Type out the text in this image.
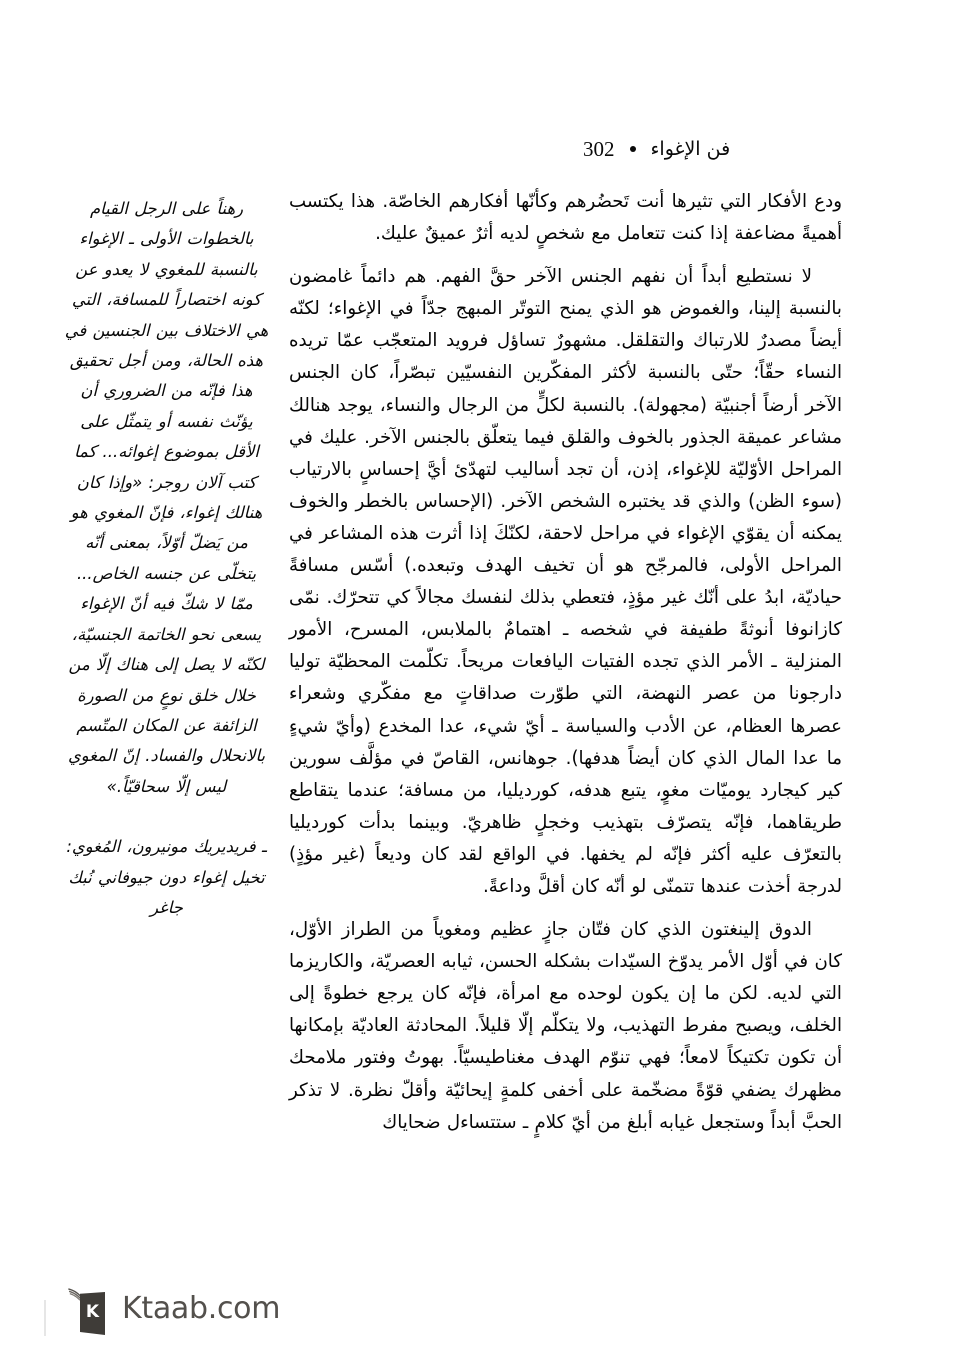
فن الإغواء
302

ودع الأفكار التي تثيرها أنت تَحضُرهم وكأنّها أفكارهم الخاصّة. هذا يكتسب أهميةً مضاعفة إذا كنت تتعامل مع شخصٍ لديه أثرٌ عميقٌ عليك.

لا نستطيع أبداً أن نفهم الجنس الآخر حقَّ الفهم. هم دائماً غامضون بالنسبة إلينا، والغموض هو الذي يمنح التوتّر المبهج جدّاً في الإغواء؛ لكنّه أيضاً مصدرٌ للارتباك والتقلقل. مشهورٌ تساؤل فرويد المتعجّب عمّا تريده النساء حقّاً؛ حتّى بالنسبة لأكثر المفكّرين النفسيّين تبصّراً، كان الجنس الآخر أرضاً أجنبيّة (مجهولة). بالنسبة لكلٍّ من الرجال والنساء، يوجد هنالك مشاعر عميقة الجذور بالخوف والقلق فيما يتعلّق بالجنس الآخر. عليك في المراحل الأوّليّة للإغواء، إذن، أن تجد أساليب لتهدّئ أيَّ إحساسٍ بالارتياب (سوء الظن) والذي قد يختبره الشخص الآخر. (الإحساس بالخطر والخوف يمكنه أن يقوّي الإغواء في مراحل لاحقة، لكنّكَ إذا أثرت هذه المشاعر في المراحل الأولى، فالمرجّح هو أن تخيف الهدف وتبعده.) أسّس مسافةً حياديّة، ابدُ على أنّك غير مؤذٍ، فتعطي بذلك لنفسك مجالاً كي تتحرّك. نمّى كازانوفا أنوثةً طفيفة في شخصه ـ اهتمامٌ بالملابس، المسرح، الأمور المنزلية ـ الأمر الذي تجده الفتيات اليافعات مريحاً. تكلّمت المحظيّة توليا دارجونا من عصر النهضة، التي طوّرت صداقاتٍ مع مفكّري وشعراء عصرها العظام، عن الأدب والسياسة ـ أيّ شيء، عدا المخدع (وأيّ شيءٍ ما عدا المال الذي كان أيضاً هدفها). جوهانس، القاصّ في مؤلَّف سورين كير كيجارد يوميّات مغوٍ، يتبع هدفه، كورديليا، من مسافة؛ عندما يتقاطع طريقاهما، فإنّه يتصرّف بتهذيب وخجلٍ ظاهريّ. وبينما بدأت كورديليا بالتعرّف عليه أكثر فإنّه لم يخفها. في الواقع لقد كان وديعاً (غير مؤذٍ) لدرجة أخذت عندها تتمنّى لو أنّه كان أقلَّ وداعةً.

الدوق إلينغتون الذي كان فتّان جازٍ عظيم ومغوياً من الطراز الأوّل، كان في أوّل الأمر يدوّخ السيّدات بشكله الحسن، ثيابه العصريّة، والكاريزما التي لديه. لكن ما إن يكون لوحده مع امرأة، فإنّه كان يرجع خطوةً إلى الخلف، ويصبح مفرط التهذيب، ولا يتكلّم إلّا قليلاً. المحادثة العاديّة بإمكانها أن تكون تكتيكاً لامعاً؛ فهي تنوّم الهدف مغناطيسيّاً. بهوتُ وفتور ملامحك مظهرك يضفي قوّةً مضخّمة على أخفى كلمةٍ إيحائيّة وأقلّ نظرة. لا تذكر الحبَّ أبداً وستجعل غيابه أبلغ من أيّ كلامٍ ـ ستتساءل ضحاياك

رهناً على الرجل القيام بالخطوات الأولى ـ الإغواء بالنسبة للمغوي لا يعدو عن كونه اختصاراً للمسافة، التي هي الاختلاف بين الجنسين في هذه الحالة، ومن أجل تحقيق هذا فإنّه من الضروري أن يؤنّث نفسه أو يتمثّل على الأقل بموضوع إغوائه... كما كتب آلان روجر: «وإذا كان هنالك إغواء، فإنّ المغوي هو من يَضلّ أوّلاً، بمعنى أنّه يتخلّى عن جنسه الخاص... ممّا لا شكّ فيه أنّ الإغواء يسعى نحو الخاتمة الجنسيّة، لكنّه لا يصل إلى هناك إلّا من خلال خلق نوعٍ من الصورة الزائفة عن المكان المتّسم بالانحلال والفساد. إنّ المغوي ليس إلّا سحاقيّاً.»

ـ فريديريك مونيرون، المُغوي: تخيل إغواء دون جيوفاني نُبك جاغر

K Ktaab.com
